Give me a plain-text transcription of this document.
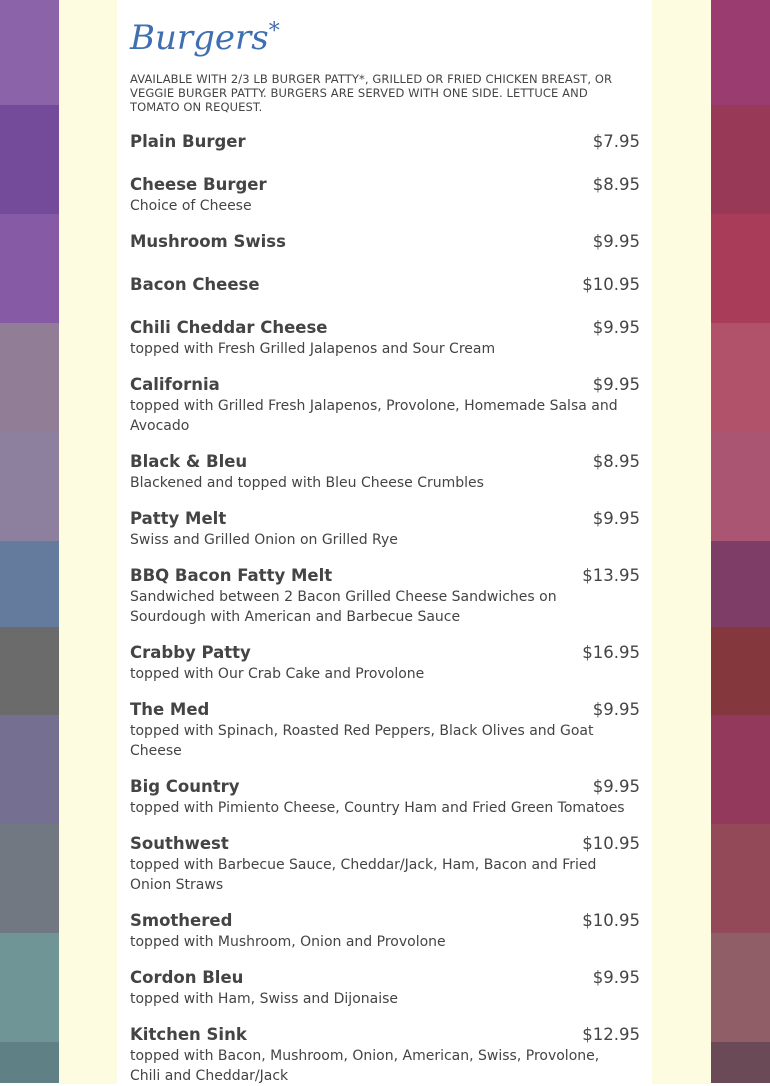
Burgers*
AVAILABLE WITH 2/3 LB BURGER PATTY*, GRILLED OR FRIED CHICKEN BREAST, OR VEGGIE BURGER PATTY. BURGERS ARE SERVED WITH ONE SIDE. LETTUCE AND TOMATO ON REQUEST.
Plain Burger	$7.95
Cheese Burger	$8.95
Choice of Cheese
Mushroom Swiss	$9.95
Bacon Cheese	$10.95
Chili Cheddar Cheese	$9.95
topped with Fresh Grilled Jalapenos and Sour Cream
California	$9.95
topped with Grilled Fresh Jalapenos, Provolone, Homemade Salsa and Avocado
Black & Bleu	$8.95
Blackened and topped with Bleu Cheese Crumbles
Patty Melt	$9.95
Swiss and Grilled Onion on Grilled Rye
BBQ Bacon Fatty Melt	$13.95
Sandwiched between 2 Bacon Grilled Cheese Sandwiches on Sourdough with American and Barbecue Sauce
Crabby Patty	$16.95
topped with Our Crab Cake and Provolone
The Med	$9.95
topped with Spinach, Roasted Red Peppers, Black Olives and Goat Cheese
Big Country	$9.95
topped with Pimiento Cheese, Country Ham and Fried Green Tomatoes
Southwest	$10.95
topped with Barbecue Sauce, Cheddar/Jack, Ham, Bacon and Fried Onion Straws
Smothered	$10.95
topped with Mushroom, Onion and Provolone
Cordon Bleu	$9.95
topped with Ham, Swiss and Dijonaise
Kitchen Sink	$12.95
topped with Bacon, Mushroom, Onion, American, Swiss, Provolone, Chili and Cheddar/Jack
